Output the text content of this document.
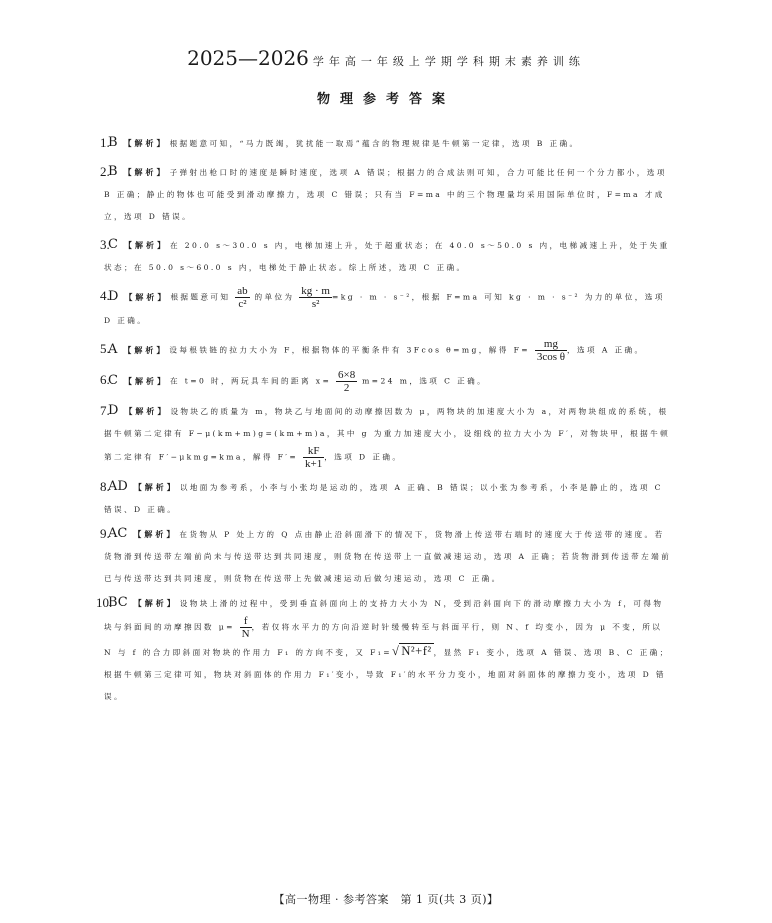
2025—2026 学年高一年级上学期学科期末素养训练
物理参考答案
1.
B 【解析】 根据题意可知，“马力既竭，犹扰能一取焉”蕴含的物理规律是牛顿第一定律，选项 B 正确。
2.
B 【解析】 子弹射出枪口时的速度是瞬时速度，选项 A 错误；根据力的合成法则可知，合力可能比任何一个分力都小，选项 B 正确；静止的物体也可能受到滑动摩擦力，选项 C 错误；只有当 F=ma 中的三个物理量均采用国际单位时，F=ma 才成立，选项 D 错误。
3.
C 【解析】 在 20.0 s～30.0 s 内，电梯加速上升，处于超重状态；在 40.0 s～50.0 s 内，电梯减速上升，处于失重状态；在 50.0 s～60.0 s 内，电梯处于静止状态。综上所述，选项 C 正确。
4.
D 【解析】 根据题意可知 $\frac{ab}{\text{c²}}$ 的单位为 $\frac{kg \cdot m}{\text{s²}} =kg \cdot m \cdot s^{-2}$，根据 F=ma 可知 kg · m · s⁻² 为力的单位，选项 D 正确。
5.
A 【解析】 设每根铁链的拉力大小为 F，根据物体的平衡条件有 3Fcos θ=mg，解得 $F= \frac{mg}{\text{3cos θ}}$ ，选项 A 正确。
6.
C 【解析】 在 t=0 时，两玩具车间的距离 $x= \frac{6\times 8}{2} m=24$ m，选项 C 正确。
7.
D 【解析】 设物块乙的质量为 m，物块乙与地面间的动摩擦因数为 μ，两物块的加速度大小为 a，对两物块组成的系统，根据牛顿第二定律有 F−μ(km+m)g=(km+m)a，其中 g 为重力加速度大小，设细线的拉力大小为 F′，对物块甲，根据牛顿第二定律有 F′−μkmg=kma，解得 $F'= \frac{kF}{k+1}$ ，选项 D 正确。
8.
AD 【解析】 以地面为参考系，小李与小张均是运动的，选项 A 正确、B 错误；以小张为参考系，小李是静止的，选项 C 错误、D 正确。
9.
AC 【解析】 在货物从 P 处上方的 Q 点由静止沿斜面滑下的情况下，货物滑上传送带右端时的速度大于传送带的速度。若货物滑到传送带左端前尚未与传送带达到共同速度，则货物在传送带上一直做减速运动，选项 A 正确；若货物滑到传送带左端前已与传送带达到共同速度，则货物在传送带上先做减速运动后做匀速运动，选项 C 正确。
10.
BC 【解析】 设物块上滑的过程中，受到垂直斜面向上的支持力大小为 N，受到沿斜面向下的滑动摩擦力大小为 f，可得物块与斜面间的动摩擦因数 $\mu= \frac{f}{N}$ ，若仅将水平力的方向沿逆时针缓慢转至与斜面平行，则 N、f 均变小，因为 μ 不变，所以 N 与 f 的合力即斜面对物块的作用力 F₁ 的方向不变，又 F₁=√ N²+f² ，显然 F₁ 变小，选项 A 错误、选项 B、C 正确；根据牛顿第三定律可知，物块对斜面体的作用力 F₁′变小，导致 F₁′的水平分力变小，地面对斜面体的摩擦力变小，选项 D 错误。
【高一物理 · 参考答案　第 1 页(共 3 页)】
